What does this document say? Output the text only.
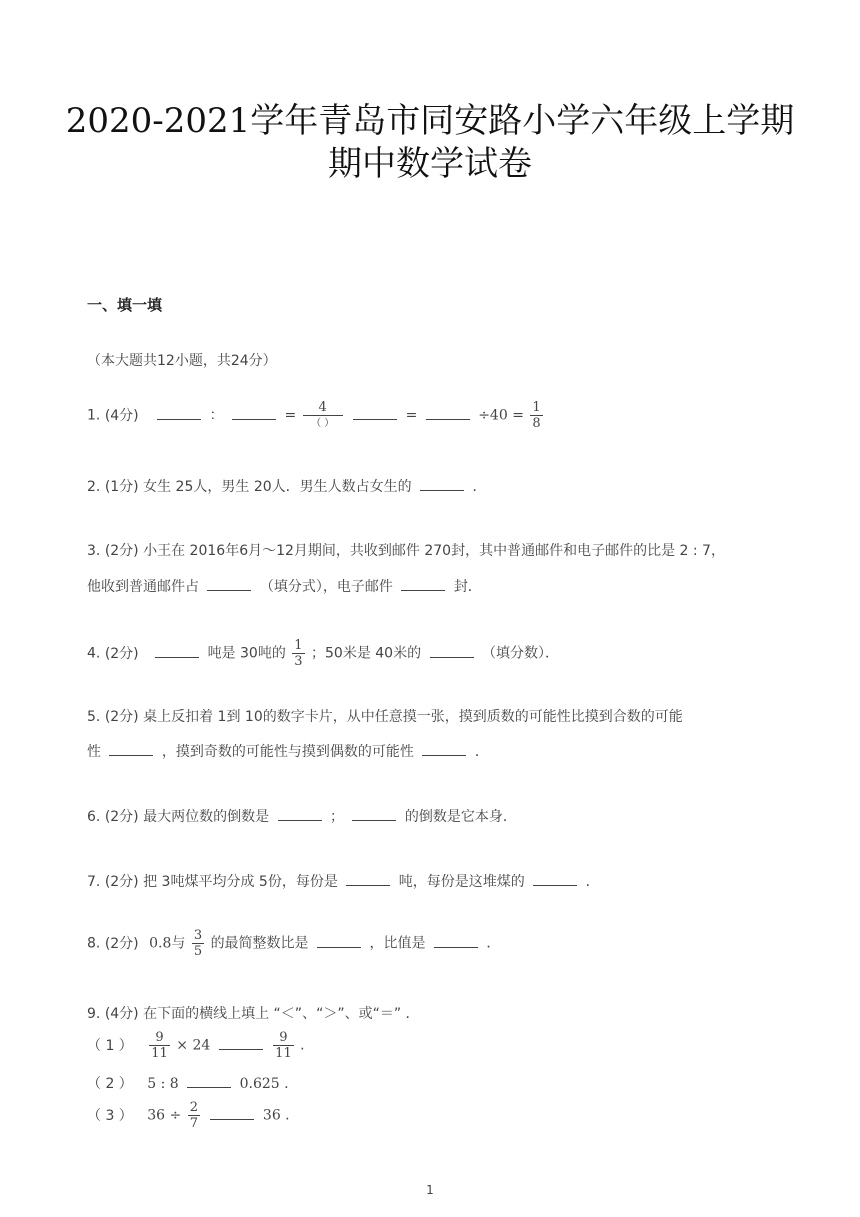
2020-2021学年青岛市同安路小学六年级上学期
期中数学试卷
一、填一填
（本大题共12小题，共24分）
1. (4分)	：	= $\frac{4}{( )}$	=	$\div 40 = \frac{1}{8}$
2. (1分) 女生 25人，男生 20人．男生人数占女生的	．
3. (2分) 小王在 2016年6月～12月期间，共收到邮件 270封，其中普通邮件和电子邮件的比是 2 : 7，
他收到普通邮件占	（填分式），电子邮件	封．
4. (2分)	吨是 30吨的 $\frac{1}{3}$ ；50米是 40米的	（填分数）．
5. (2分) 桌上反扣着 1到 10的数字卡片，从中任意摸一张，摸到质数的可能性比摸到合数的可能
性	，摸到奇数的可能性与摸到偶数的可能性	．
6. (2分) 最大两位数的倒数是	；	的倒数是它本身．
7. (2分) 把 3吨煤平均分成 5份，每份是	吨，每份是这堆煤的	．
8. (2分) 0.8与 $\frac{3}{5}$ 的最简整数比是	，比值是	．
9. (4分) 在下面的横线上填上 “＜”、“＞”、或“＝” ．
（ 1 ） $\frac{9}{11} \times 24$	$\frac{9}{11}$ .
（ 2 ） 5 : 8	0.625 .
（ 3 ） $36 \div \frac{2}{7}$	36 .
1
